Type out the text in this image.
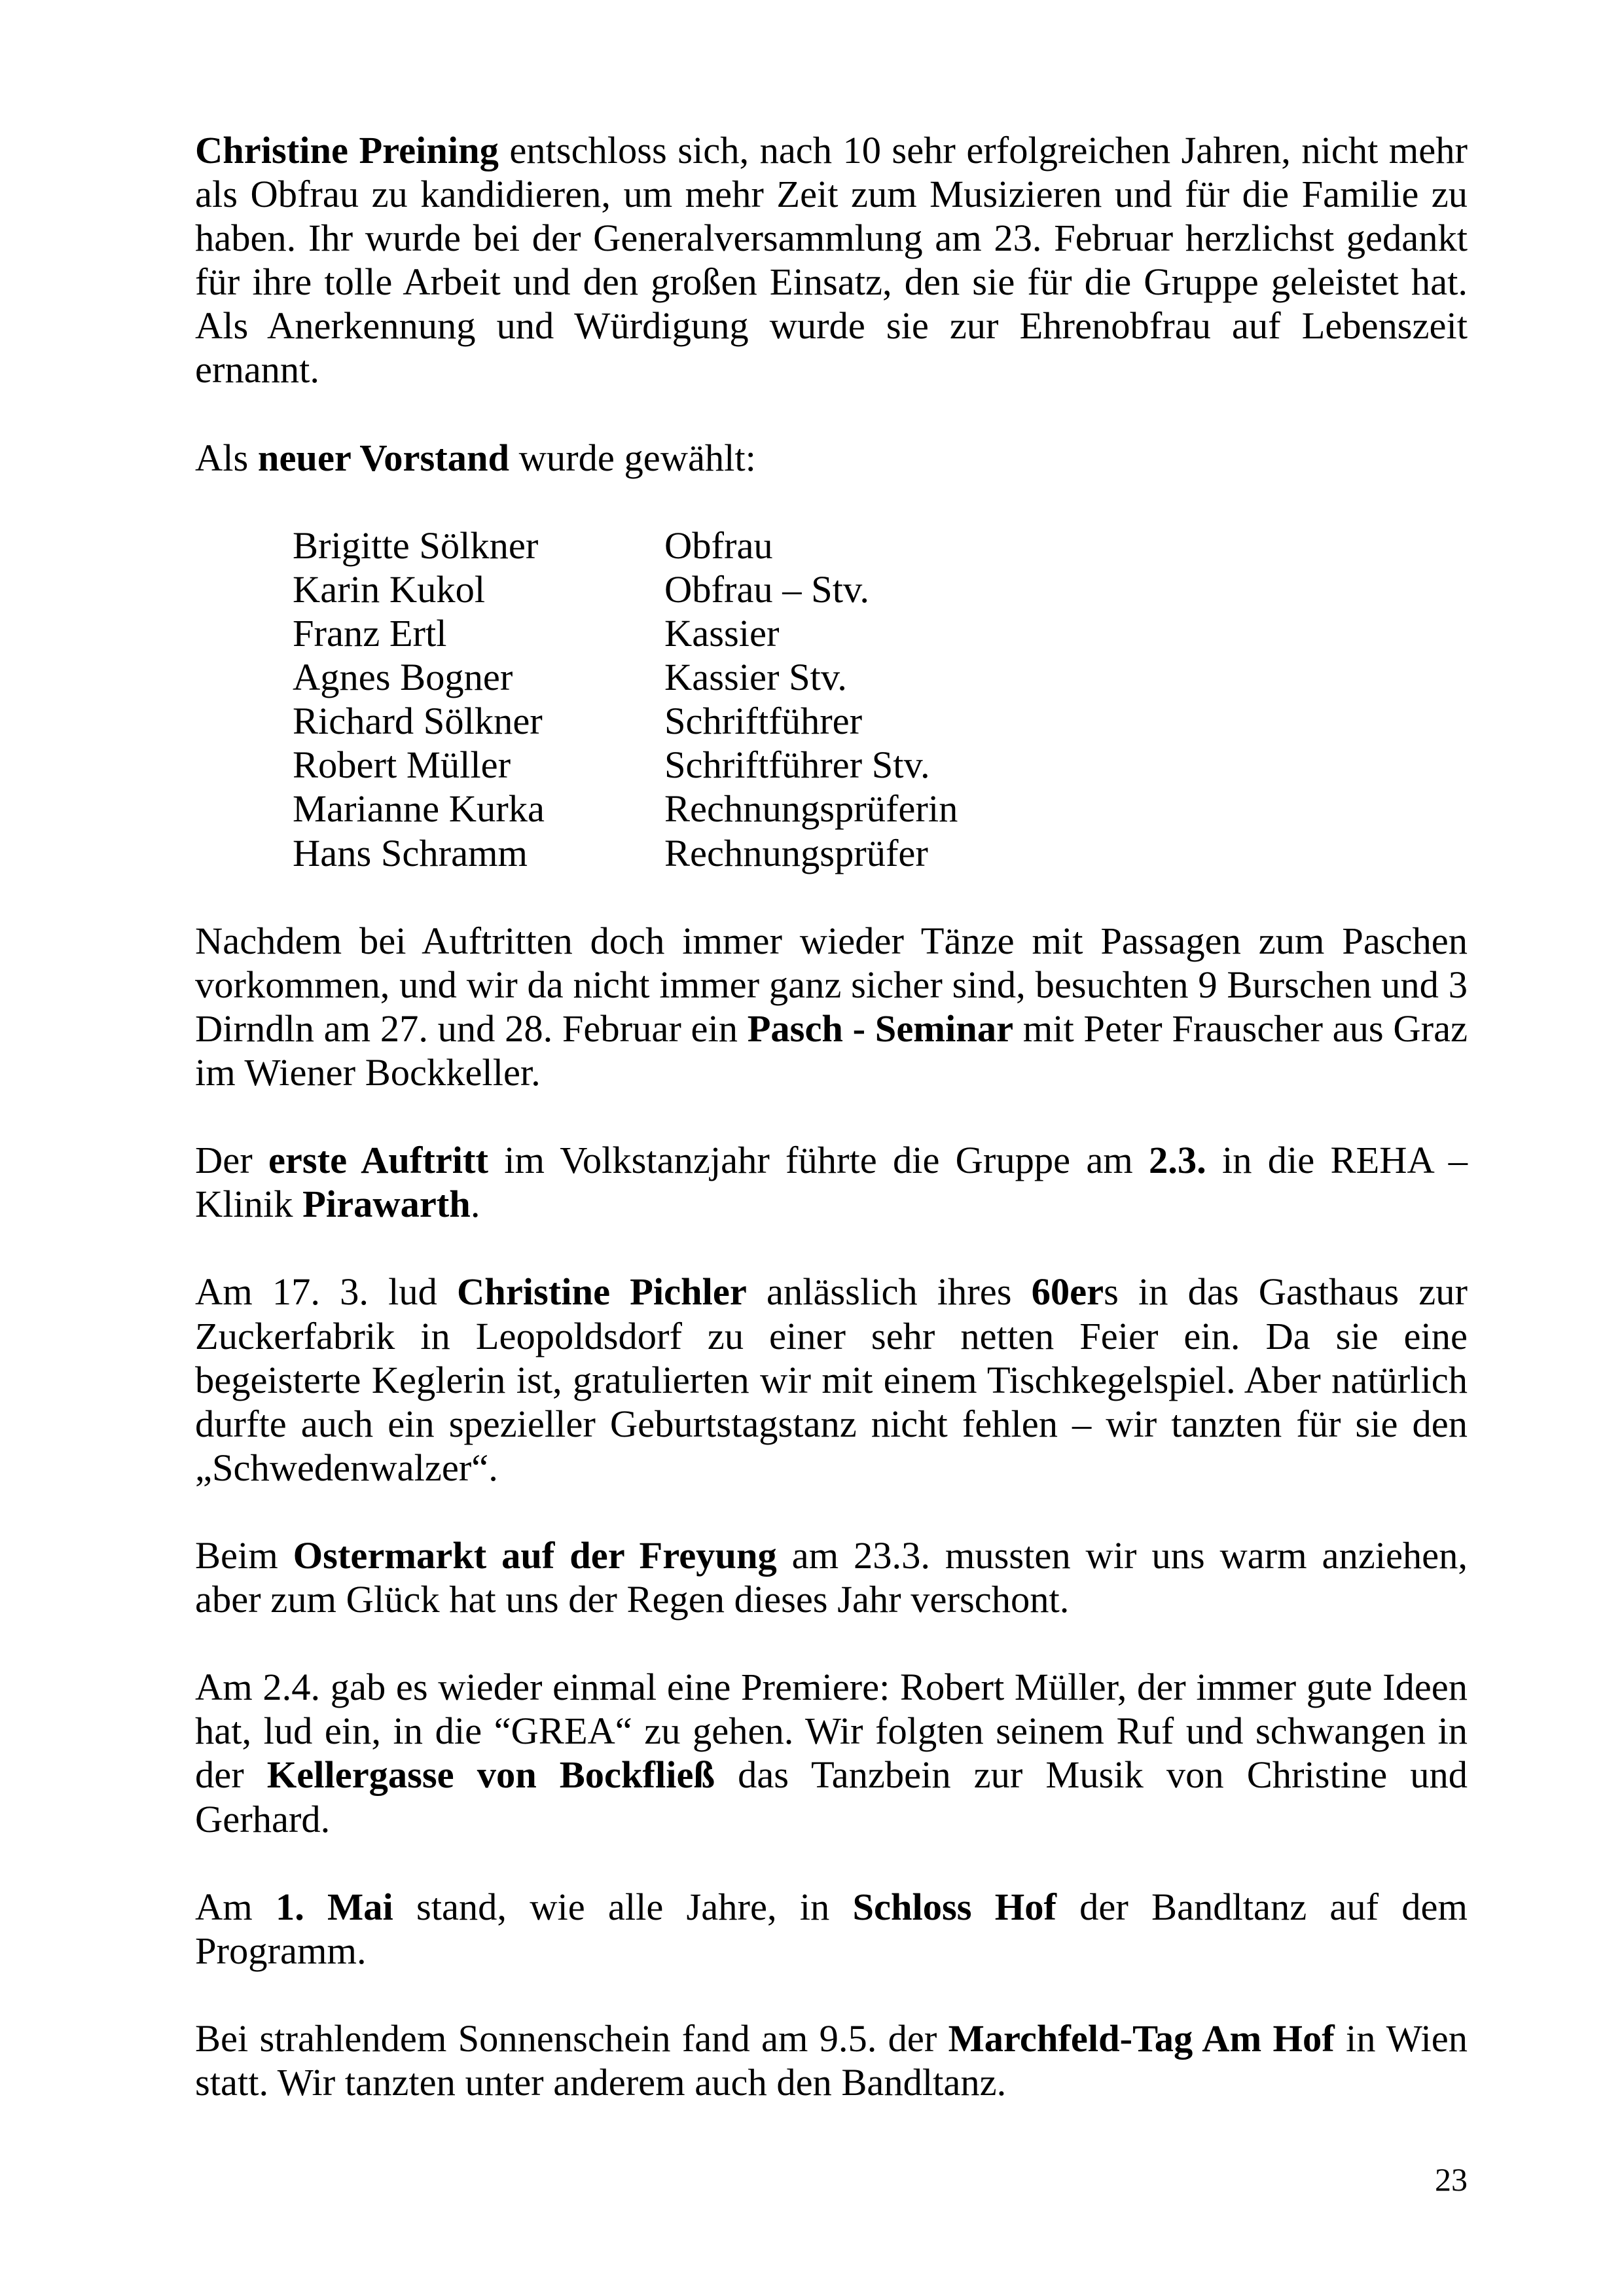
Christine Preining entschloss sich, nach 10 sehr erfolgreichen Jahren, nicht mehr als Obfrau zu kandidieren, um mehr Zeit zum Musizieren und für die Familie zu haben. Ihr wurde bei der Generalversammlung am 23. Februar herzlichst gedankt für ihre tolle Arbeit und den großen Einsatz, den sie für die Gruppe geleistet hat. Als Anerkennung und Würdigung wurde sie zur Ehrenobfrau auf Lebenszeit ernannt.

Als neuer Vorstand wurde gewählt:

Brigitte Sölkner	Obfrau
Karin Kukol	Obfrau – Stv.
Franz Ertl	Kassier
Agnes Bogner	Kassier Stv.
Richard Sölkner	Schriftführer
Robert Müller	Schriftführer Stv.
Marianne Kurka	Rechnungsprüferin
Hans Schramm	Rechnungsprüfer

Nachdem bei Auftritten doch immer wieder Tänze mit Passagen zum Paschen vorkommen, und wir da nicht immer ganz sicher sind, besuchten 9 Burschen und 3 Dirndln am 27. und 28. Februar ein Pasch - Seminar mit Peter Frauscher aus Graz im Wiener Bockkeller.

Der erste Auftritt im Volkstanzjahr führte die Gruppe am 2.3. in die REHA – Klinik Pirawarth.

Am 17. 3. lud Christine Pichler anlässlich ihres 60ers in das Gasthaus zur Zuckerfabrik in Leopoldsdorf zu einer sehr netten Feier ein. Da sie eine begeisterte Keglerin ist, gratulierten wir mit einem Tischkegelspiel. Aber natürlich durfte auch ein spezieller Geburtstagstanz nicht fehlen – wir tanzten für sie den „Schwedenwalzer“.

Beim Ostermarkt auf der Freyung am 23.3. mussten wir uns warm anziehen, aber zum Glück hat uns der Regen dieses Jahr verschont.

Am 2.4. gab es wieder einmal eine Premiere: Robert Müller, der immer gute Ideen hat, lud ein, in die “GREA“ zu gehen. Wir folgten seinem Ruf und schwangen in der Kellergasse von Bockfließ das Tanzbein zur Musik von Christine und Gerhard.

Am 1. Mai stand, wie alle Jahre, in Schloss Hof der Bandltanz auf dem Programm.

Bei strahlendem Sonnenschein fand am 9.5. der Marchfeld-Tag Am Hof in Wien statt. Wir tanzten unter anderem auch den Bandltanz.

23
